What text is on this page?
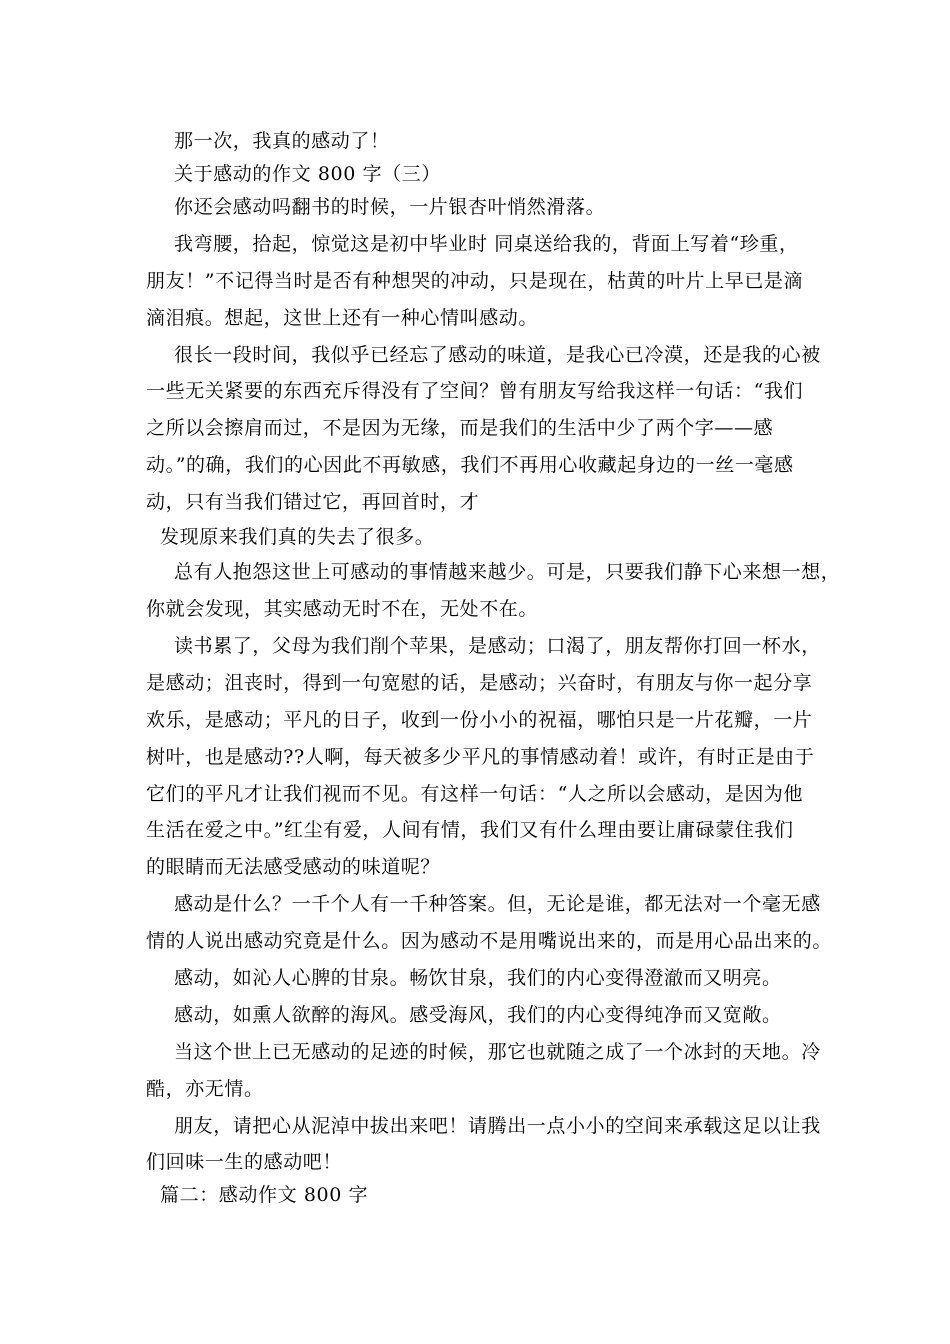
那一次，我真的感动了！
关于感动的作文 800 字（三）
你还会感动吗翻书的时候，一片银杏叶悄然滑落。
我弯腰，拾起，惊觉这是初中毕业时 同桌送给我的，背面上写着“珍重，
朋友！”不记得当时是否有种想哭的冲动，只是现在，枯黄的叶片上早已是滴
滴泪痕。想起，这世上还有一种心情叫感动。
很长一段时间，我似乎已经忘了感动的味道，是我心已冷漠，还是我的心被
一些无关紧要的东西充斥得没有了空间？曾有朋友写给我这样一句话：“我们
之所以会擦肩而过，不是因为无缘，而是我们的生活中少了两个字——感
动。”的确，我们的心因此不再敏感，我们不再用心收藏起身边的一丝一毫感
动，只有当我们错过它，再回首时，才
发现原来我们真的失去了很多。
总有人抱怨这世上可感动的事情越来越少。可是，只要我们静下心来想一想，
你就会发现，其实感动无时不在，无处不在。
读书累了，父母为我们削个苹果，是感动；口渴了，朋友帮你打回一杯水，
是感动；沮丧时，得到一句宽慰的话，是感动；兴奋时，有朋友与你一起分享
欢乐，是感动；平凡的日子，收到一份小小的祝福，哪怕只是一片花瓣，一片
树叶，也是感动??人啊，每天被多少平凡的事情感动着！或许，有时正是由于
它们的平凡才让我们视而不见。有这样一句话：“人之所以会感动，是因为他
生活在爱之中。”红尘有爱，人间有情，我们又有什么理由要让庸碌蒙住我们
的眼睛而无法感受感动的味道呢？
感动是什么？一千个人有一千种答案。但，无论是谁，都无法对一个毫无感
情的人说出感动究竟是什么。因为感动不是用嘴说出来的，而是用心品出来的。
感动，如沁人心脾的甘泉。畅饮甘泉，我们的内心变得澄澈而又明亮。
感动，如熏人欲醉的海风。感受海风，我们的内心变得纯净而又宽敞。
当这个世上已无感动的足迹的时候，那它也就随之成了一个冰封的天地。冷
酷，亦无情。
朋友，请把心从泥淖中拔出来吧！请腾出一点小小的空间来承载这足以让我
们回味一生的感动吧！
篇二：感动作文 800 字
